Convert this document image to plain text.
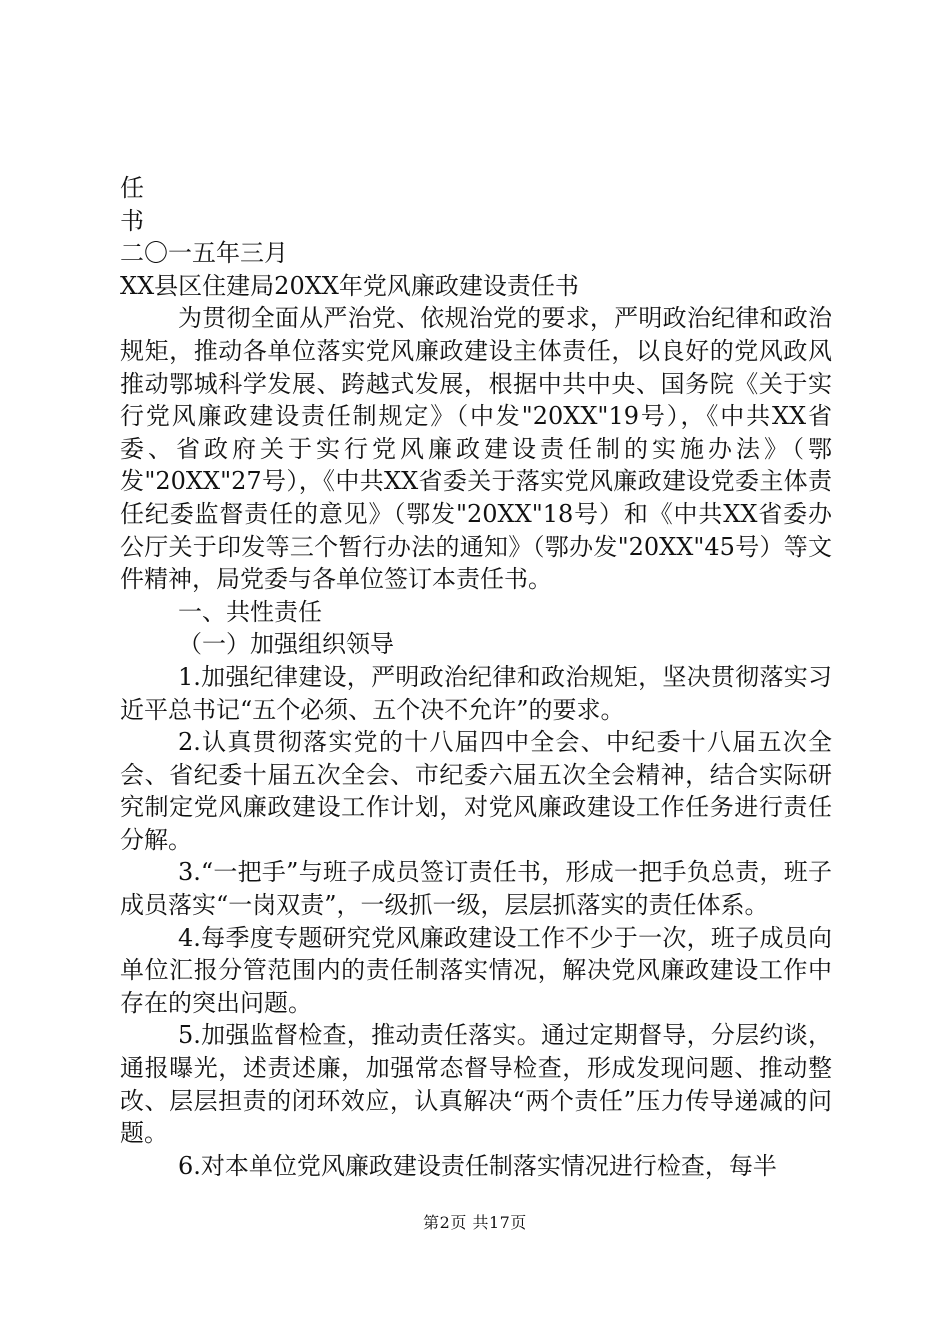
任

书

二〇一五年三月

XX县区住建局20XX年党风廉政建设责任书

为贯彻全面从严治党、依规治党的要求，严明政治纪律和政治规矩，推动各单位落实党风廉政建设主体责任，以良好的党风政风推动鄂城科学发展、跨越式发展，根据中共中央、国务院《关于实行党风廉政建设责任制规定》（中发"20XX"19号），《中共XX省委、省政府关于实行党风廉政建设责任制的实施办法》（鄂发"20XX"27号），《中共XX省委关于落实党风廉政建设党委主体责任纪委监督责任的意见》（鄂发"20XX"18号）和《中共XX省委办公厅关于印发等三个暂行办法的通知》（鄂办发"20XX"45号）等文件精神，局党委与各单位签订本责任书。

一、共性责任

（一）加强组织领导

1.加强纪律建设，严明政治纪律和政治规矩，坚决贯彻落实习近平总书记“五个必须、五个决不允许”的要求。

2.认真贯彻落实党的十八届四中全会、中纪委十八届五次全会、省纪委十届五次全会、市纪委六届五次全会精神，结合实际研究制定党风廉政建设工作计划，对党风廉政建设工作任务进行责任分解。

3.“一把手”与班子成员签订责任书，形成一把手负总责，班子成员落实“一岗双责”，一级抓一级，层层抓落实的责任体系。

4.每季度专题研究党风廉政建设工作不少于一次，班子成员向单位汇报分管范围内的责任制落实情况，解决党风廉政建设工作中存在的突出问题。

5.加强监督检查，推动责任落实。通过定期督导，分层约谈，通报曝光，述责述廉，加强常态督导检查，形成发现问题、推动整改、层层担责的闭环效应，认真解决“两个责任”压力传导递减的问题。

6.对本单位党风廉政建设责任制落实情况进行检查，每半

第2页 共17页
